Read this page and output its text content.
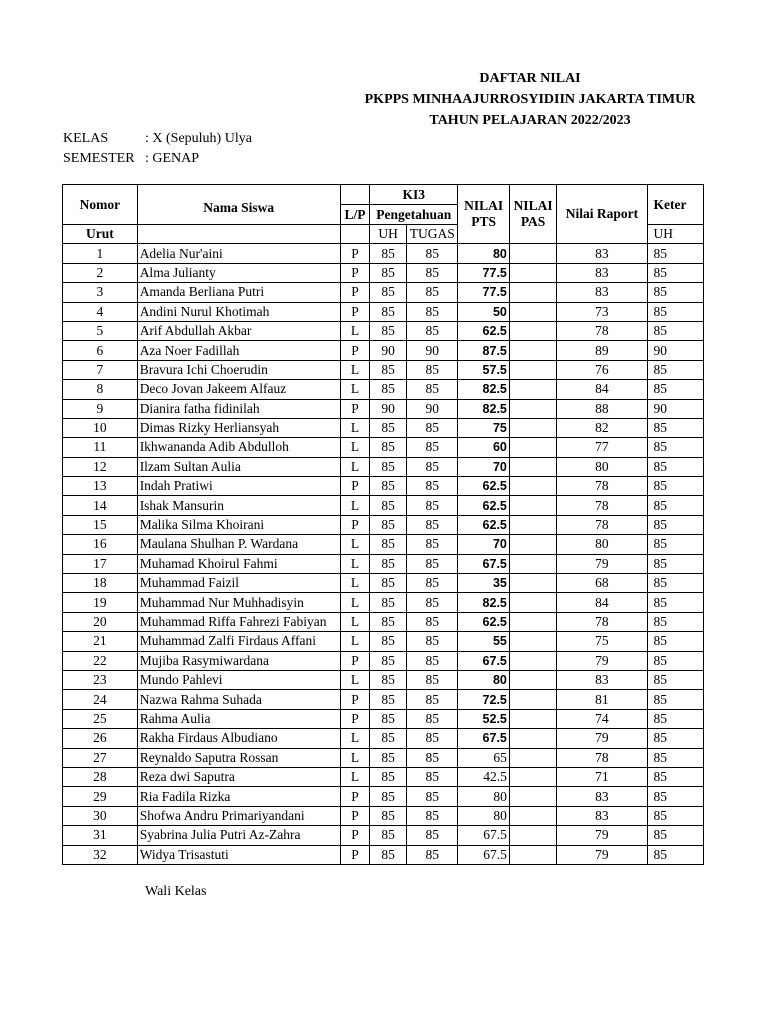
DAFTAR NILAI
PKPPS MINHAAJURROSYIDIIN JAKARTA TIMUR
TAHUN PELAJARAN 2022/2023
KELAS	: X (Sepuluh) Ulya
SEMESTER : GENAP
Nomor	Nama Siswa		KI3		NILAI PTS	NILAI PAS	Nilai Raport	Keter
		L/P	Pengetahuan					
Urut			UH	TUGAS				UH
1	Adelia Nur'aini	P	85	85	80		83	85
2	Alma Julianty	P	85	85	77.5		83	85
3	Amanda Berliana Putri	P	85	85	77.5		83	85
4	Andini Nurul Khotimah	P	85	85	50		73	85
5	Arif Abdullah Akbar	L	85	85	62.5		78	85
6	Aza Noer Fadillah	P	90	90	87.5		89	90
7	Bravura Ichi Choerudin	L	85	85	57.5		76	85
8	Deco Jovan Jakeem Alfauz	L	85	85	82.5		84	85
9	Dianira fatha fidinilah	P	90	90	82.5		88	90
10	Dimas Rizky Herliansyah	L	85	85	75		82	85
11	Ikhwananda Adib Abdulloh	L	85	85	60		77	85
12	Ilzam Sultan Aulia	L	85	85	70		80	85
13	Indah Pratiwi	P	85	85	62.5		78	85
14	Ishak Mansurin	L	85	85	62.5		78	85
15	Malika Silma Khoirani	P	85	85	62.5		78	85
16	Maulana Shulhan P. Wardana	L	85	85	70		80	85
17	Muhamad Khoirul Fahmi	L	85	85	67.5		79	85
18	Muhammad Faizil	L	85	85	35		68	85
19	Muhammad Nur Muhhadisyin	L	85	85	82.5		84	85
20	Muhammad Riffa Fahrezi Fabiyan	L	85	85	62.5		78	85
21	Muhammad Zalfi Firdaus Affani	L	85	85	55		75	85
22	Mujiba Rasymiwardana	P	85	85	67.5		79	85
23	Mundo Pahlevi	L	85	85	80		83	85
24	Nazwa Rahma Suhada	P	85	85	72.5		81	85
25	Rahma Aulia	P	85	85	52.5		74	85
26	Rakha Firdaus Albudiano	L	85	85	67.5		79	85
27	Reynaldo Saputra Rossan	L	85	85	65		78	85
28	Reza dwi Saputra	L	85	85	42.5		71	85
29	Ria Fadila Rizka	P	85	85	80		83	85
30	Shofwa Andru Primariyandani	P	85	85	80		83	85
31	Syabrina Julia Putri Az-Zahra	P	85	85	67.5		79	85
32	Widya Trisastuti	P	85	85	67.5		79	85
Wali Kelas
